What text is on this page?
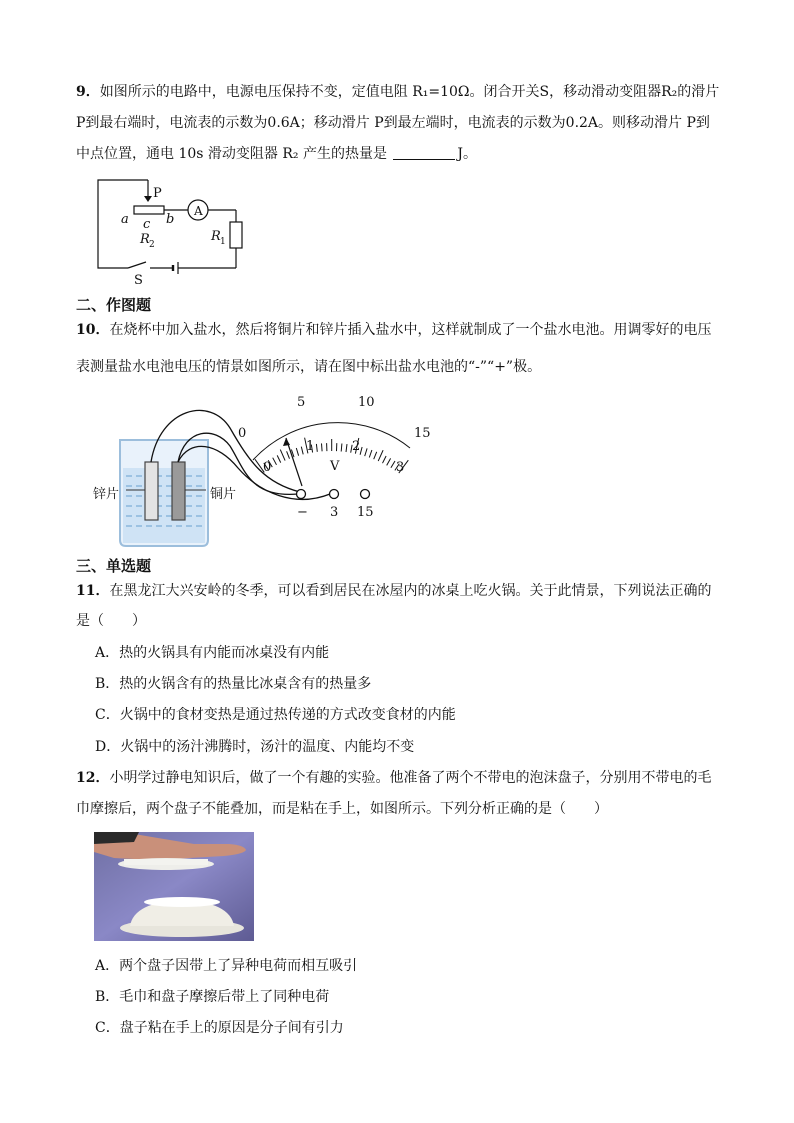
9．如图所示的电路中，电源电压保持不变，定值电阻 R₁=10Ω。闭合开关S，移动滑动变阻器R₂的滑片
P到最右端时，电流表的示数为0.6A；移动滑片 P到最左端时，电流表的示数为0.2A。则移动滑片 P到
中点位置，通电 10s 滑动变阻器 R₂ 产生的热量是	J。
P
a	b
c
R 2
R 1
A
S
二、作图题
10．在烧杯中加入盐水，然后将铜片和锌片插入盐水中，这样就制成了一个盐水电池。用调零好的电压
表测量盐水电池电压的情景如图所示，请在图中标出盐水电池的“-”“+”极。
0
5	10
15
0
1	2
3
V
锌片	铜片
− 3 15
三、单选题
11．在黑龙江大兴安岭的冬季，可以看到居民在冰屋内的冰桌上吃火锅。关于此情景，下列说法正确的
是（　　）
A．热的火锅具有内能而冰桌没有内能
B．热的火锅含有的热量比冰桌含有的热量多
C．火锅中的食材变热是通过热传递的方式改变食材的内能
D．火锅中的汤汁沸腾时，汤汁的温度、内能均不变
12．小明学过静电知识后，做了一个有趣的实验。他准备了两个不带电的泡沫盘子，分别用不带电的毛
巾摩擦后，两个盘子不能叠加，而是粘在手上，如图所示。下列分析正确的是（　　）
A．两个盘子因带上了异种电荷而相互吸引
B．毛巾和盘子摩擦后带上了同种电荷
C．盘子粘在手上的原因是分子间有引力
